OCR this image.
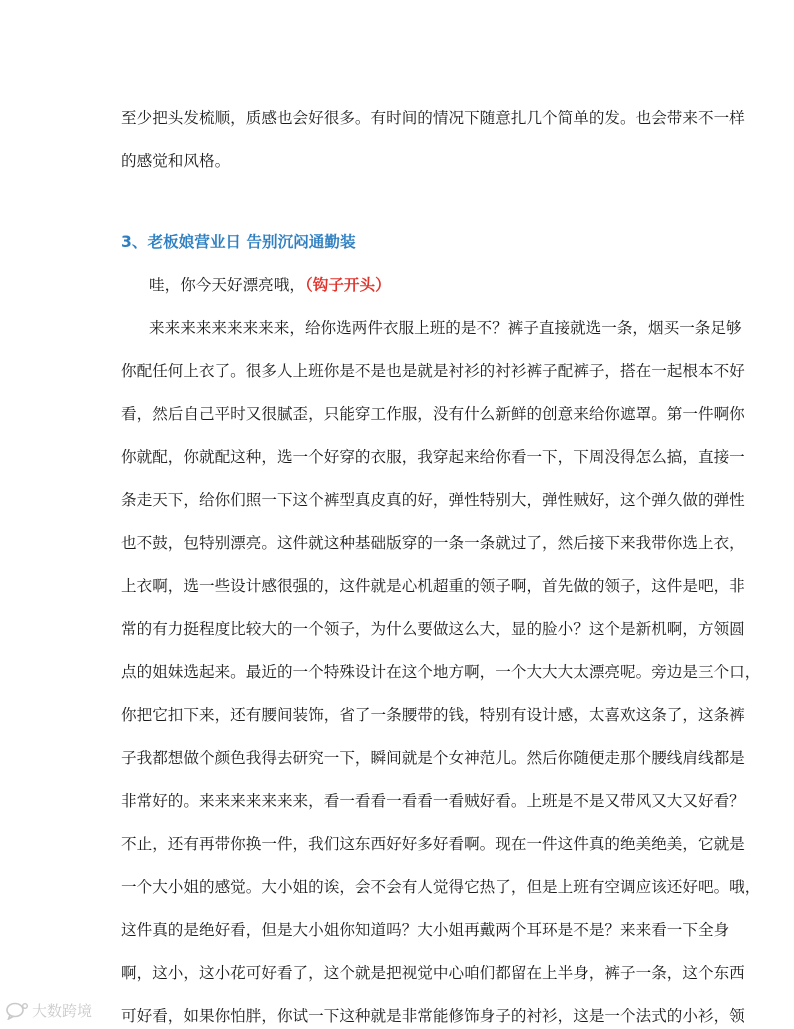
至少把头发梳顺，质感也会好很多。有时间的情况下随意扎几个简单的发。也会带来不一样
的感觉和风格。
3、老板娘营业日 告别沉闷通勤装
哇，你今天好漂亮哦，（钩子开头）
来来来来来来来来来，给你选两件衣服上班的是不？裤子直接就选一条，烟买一条足够
你配任何上衣了。很多人上班你是不是也是就是衬衫的衬衫裤子配裤子，搭在一起根本不好
看，然后自己平时又很腻歪，只能穿工作服，没有什么新鲜的创意来给你遮罩。第一件啊你
你就配，你就配这种，选一个好穿的衣服，我穿起来给你看一下，下周没得怎么搞，直接一
条走天下，给你们照一下这个裤型真皮真的好，弹性特别大，弹性贼好，这个弹久做的弹性
也不鼓，包特别漂亮。这件就这种基础版穿的一条一条就过了，然后接下来我带你选上衣，
上衣啊，选一些设计感很强的，这件就是心机超重的领子啊，首先做的领子，这件是吧，非
常的有力挺程度比较大的一个领子，为什么要做这么大，显的脸小？这个是新机啊，方领圆
点的姐妹选起来。最近的一个特殊设计在这个地方啊，一个大大大太漂亮呢。旁边是三个口，
你把它扣下来，还有腰间装饰，省了一条腰带的钱，特别有设计感，太喜欢这条了，这条裤
子我都想做个颜色我得去研究一下，瞬间就是个女神范儿。然后你随便走那个腰线肩线都是
非常好的。来来来来来来来，看一看看一看看一看贼好看。上班是不是又带风又大又好看？
不止，还有再带你换一件，我们这东西好好多好看啊。现在一件这件真的绝美绝美，它就是
一个大小姐的感觉。大小姐的诶，会不会有人觉得它热了，但是上班有空调应该还好吧。哦，
这件真的是绝好看，但是大小姐你知道吗？大小姐再戴两个耳环是不是？来来看一下全身
啊，这小，这小花可好看了，这个就是把视觉中心咱们都留在上半身，裤子一条，这个东西
可好看，如果你怕胖，你试一下这种就是非常能修饰身子的衬衫，这是一个法式的小衫，领
大数跨境
